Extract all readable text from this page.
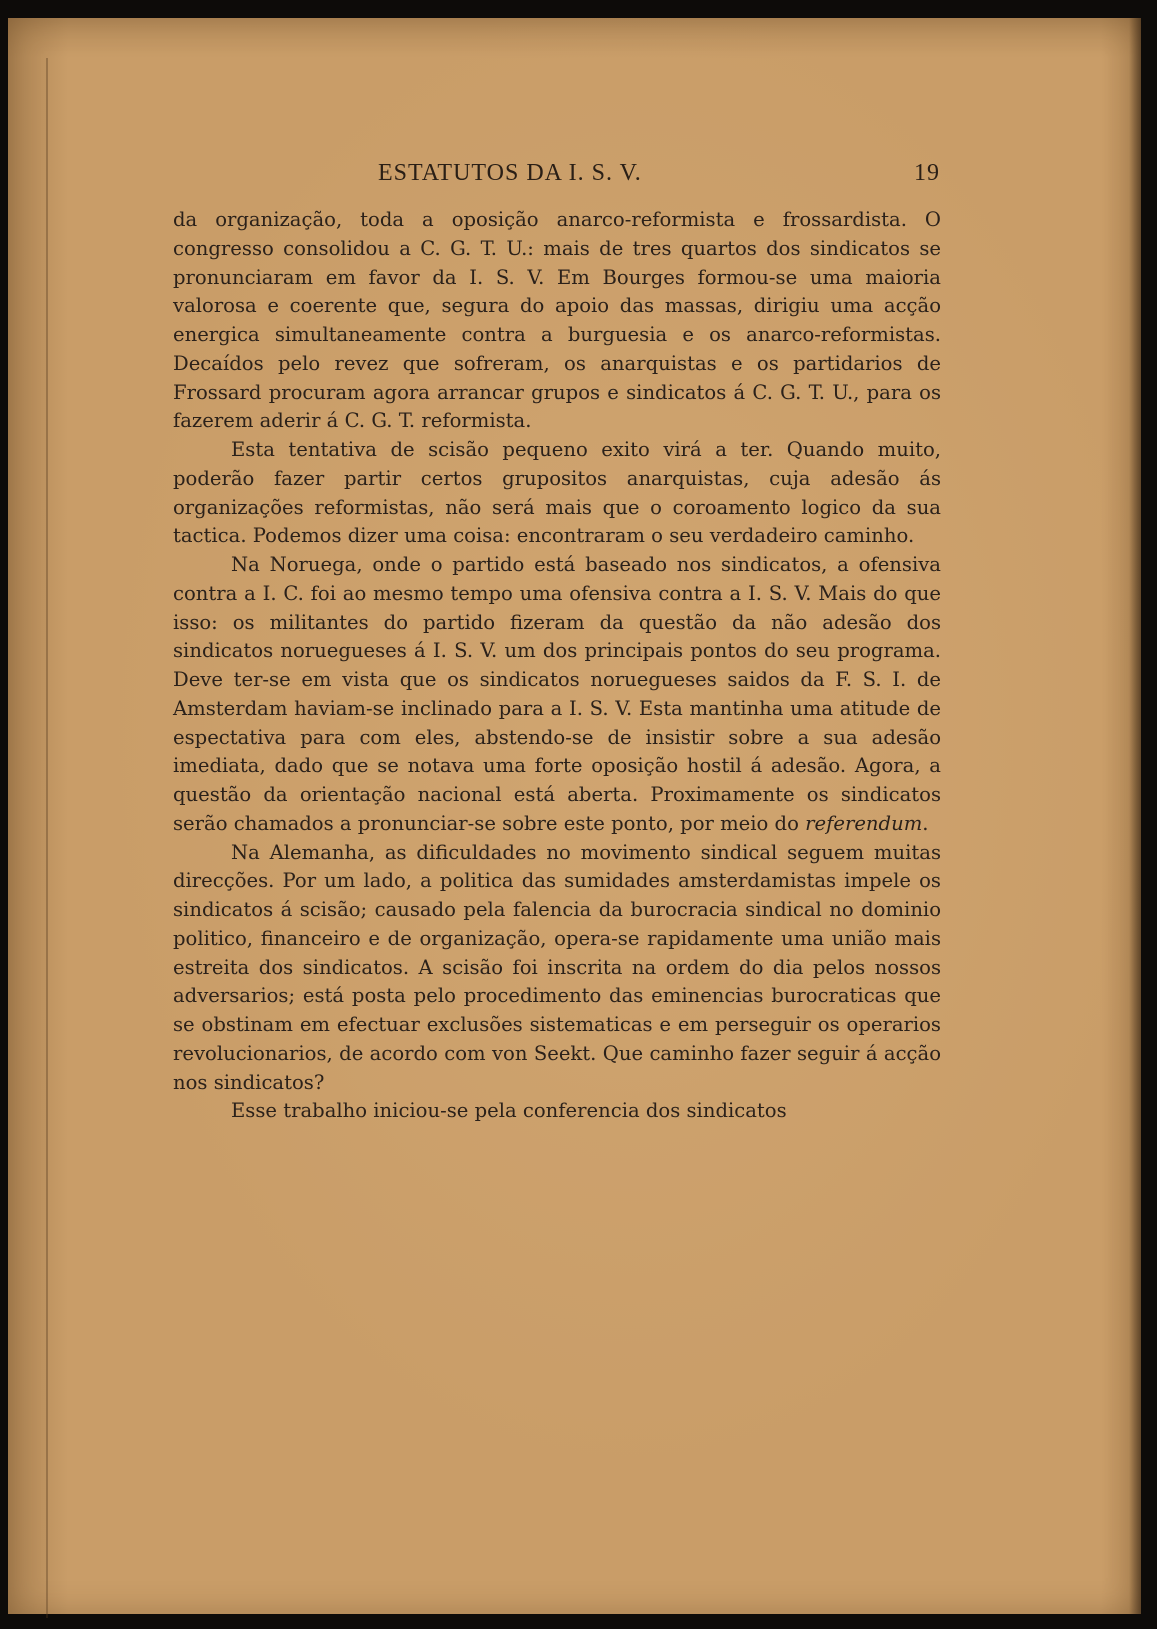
ESTATUTOS DA I. S. V.	19

da organização, toda a oposição anarco-reformista e frossardista. O congresso consolidou a C. G. T. U.: mais de tres quartos dos sindicatos se pronunciaram em favor da I. S. V. Em Bourges formou-se uma maioria valorosa e coerente que, segura do apoio das massas, dirigiu uma acção energica simultaneamente contra a burguesia e os anarco-reformistas. Decaídos pelo revez que sofreram, os anarquistas e os partidarios de Frossard procuram agora arrancar grupos e sindicatos á C. G. T. U., para os fazerem aderir á C. G. T. reformista.

Esta tentativa de scisão pequeno exito virá a ter. Quando muito, poderão fazer partir certos grupositos anarquistas, cuja adesão ás organizações reformistas, não será mais que o coroamento logico da sua tactica. Podemos dizer uma coisa: encontraram o seu verdadeiro caminho.

Na Noruega, onde o partido está baseado nos sindicatos, a ofensiva contra a I. C. foi ao mesmo tempo uma ofensiva contra a I. S. V. Mais do que isso: os militantes do partido fizeram da questão da não adesão dos sindicatos noruegueses á I. S. V. um dos principais pontos do seu programa. Deve ter-se em vista que os sindicatos noruegueses saidos da F. S. I. de Amsterdam haviam-se inclinado para a I. S. V. Esta mantinha uma atitude de espectativa para com eles, abstendo-se de insistir sobre a sua adesão imediata, dado que se notava uma forte oposição hostil á adesão. Agora, a questão da orientação nacional está aberta. Proximamente os sindicatos serão chamados a pronunciar-se sobre este ponto, por meio do referendum.

Na Alemanha, as dificuldades no movimento sindical seguem muitas direcções. Por um lado, a politica das sumidades amsterdamistas impele os sindicatos á scisão; causado pela falencia da burocracia sindical no dominio politico, financeiro e de organização, opera-se rapidamente uma união mais estreita dos sindicatos. A scisão foi inscrita na ordem do dia pelos nossos adversarios; está posta pelo procedimento das eminencias burocraticas que se obstinam em efectuar exclusões sistematicas e em perseguir os operarios revolucionarios, de acordo com von Seekt. Que caminho fazer seguir á acção nos sindicatos?

Esse trabalho iniciou-se pela conferencia dos sindicatos
